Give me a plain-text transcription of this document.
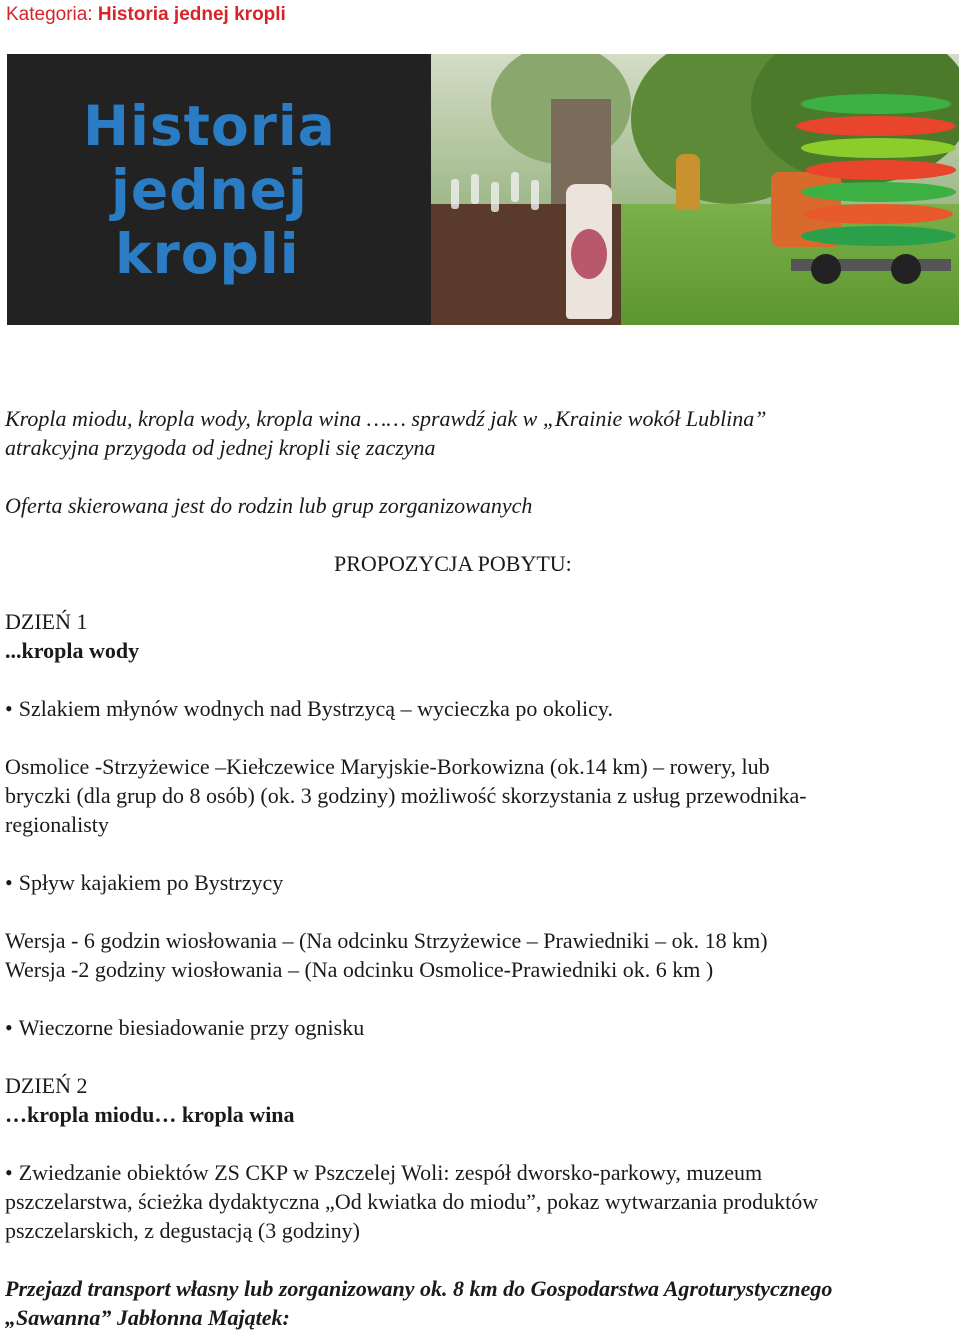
Kategoria: Historia jednej kropli
Historia
jednej
kropli
Kropla miodu, kropla wody, kropla wina …… sprawdź jak w „Krainie wokół Lublina”
atrakcyjna przygoda od jednej kropli się zaczyna
Oferta skierowana jest do rodzin lub grup zorganizowanych
PROPOZYCJA POBYTU:
DZIEŃ 1
...kropla wody
• Szlakiem młynów wodnych nad Bystrzycą – wycieczka po okolicy.
Osmolice -Strzyżewice –Kiełczewice Maryjskie-Borkowizna (ok.14 km) – rowery, lub
bryczki (dla grup do 8 osób) (ok. 3 godziny) możliwość skorzystania z usług przewodnika-
regionalisty
• Spływ kajakiem po Bystrzycy
Wersja - 6 godzin wiosłowania – (Na odcinku Strzyżewice – Prawiedniki – ok. 18 km)
Wersja -2 godziny wiosłowania – (Na odcinku Osmolice-Prawiedniki ok. 6 km )
• Wieczorne biesiadowanie przy ognisku
DZIEŃ 2
…kropla miodu… kropla wina
• Zwiedzanie obiektów ZS CKP w Pszczelej Woli: zespół dworsko-parkowy, muzeum
pszczelarstwa, ścieżka dydaktyczna „Od kwiatka do miodu”, pokaz wytwarzania produktów
pszczelarskich, z degustacją (3 godziny)
Przejazd transport własny lub zorganizowany ok. 8 km do Gospodarstwa Agroturystycznego
„Sawanna” Jabłonna Majątek:
